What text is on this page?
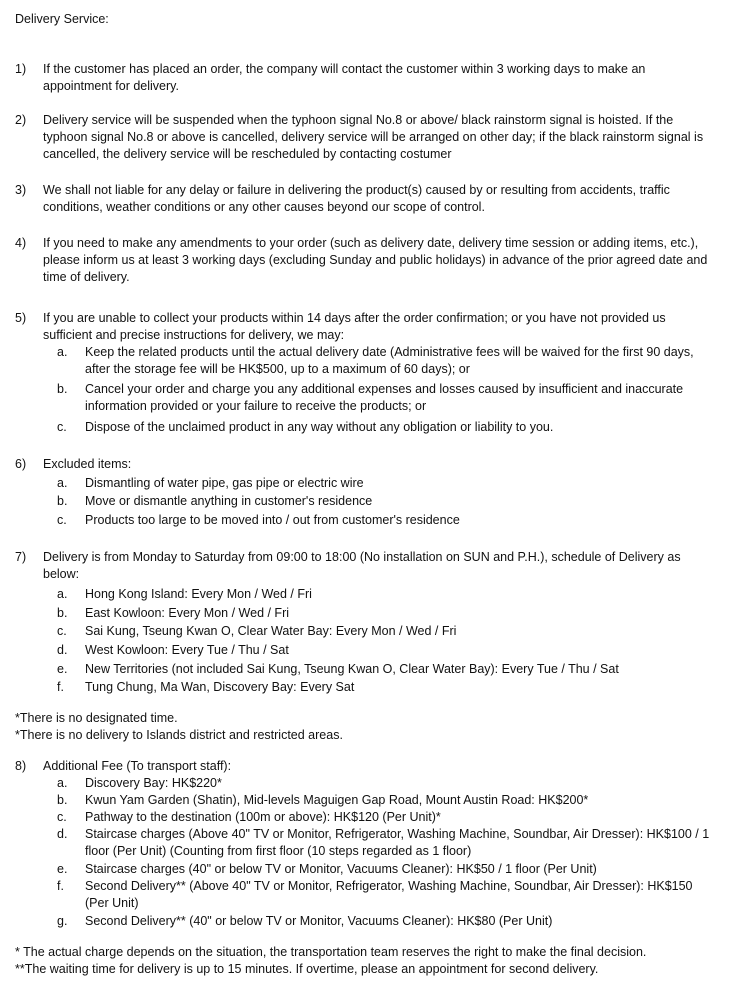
Delivery Service:
1) If the customer has placed an order, the company will contact the customer within 3 working days to make an appointment for delivery.
2) Delivery service will be suspended when the typhoon signal No.8 or above/ black rainstorm signal is hoisted. If the typhoon signal No.8 or above is cancelled, delivery service will be arranged on other day; if the black rainstorm signal is cancelled, the delivery service will be rescheduled by contacting costumer
3) We shall not liable for any delay or failure in delivering the product(s) caused by or resulting from accidents, traffic conditions, weather conditions or any other causes beyond our scope of control.
4) If you need to make any amendments to your order (such as delivery date, delivery time session or adding items, etc.), please inform us at least 3 working days (excluding Sunday and public holidays) in advance of the prior agreed date and time of delivery.
5) If you are unable to collect your products within 14 days after the order confirmation; or you have not provided us sufficient and precise instructions for delivery, we may:
a.	Keep the related products until the actual delivery date (Administrative fees will be waived for the first 90 days, after the storage fee will be HK$500, up to a maximum of 60 days); or
b.	Cancel your order and charge you any additional expenses and losses caused by insufficient and inaccurate information provided or your failure to receive the products; or
c.	Dispose of the unclaimed product in any way without any obligation or liability to you.
6) Excluded items:
a.	Dismantling of water pipe, gas pipe or electric wire
b.	Move or dismantle anything in customer's residence
c.	Products too large to be moved into / out from customer's residence
7) Delivery is from Monday to Saturday from 09:00 to 18:00 (No installation on SUN and P.H.), schedule of Delivery as below:
a.	Hong Kong Island: Every Mon / Wed / Fri
b.	East Kowloon: Every Mon / Wed / Fri
c.	Sai Kung, Tseung Kwan O, Clear Water Bay: Every Mon / Wed / Fri
d.	West Kowloon: Every Tue / Thu / Sat
e.	New Territories (not included Sai Kung, Tseung Kwan O, Clear Water Bay): Every Tue / Thu / Sat
f.	Tung Chung, Ma Wan, Discovery Bay: Every Sat
*There is no designated time.
*There is no delivery to Islands district and restricted areas.
8) Additional Fee (To transport staff):
a.	Discovery Bay: HK$220*
b.	Kwun Yam Garden (Shatin), Mid-levels Maguigen Gap Road, Mount Austin Road: HK$200*
c.	Pathway to the destination (100m or above): HK$120 (Per Unit)*
d.	Staircase charges (Above 40" TV or Monitor, Refrigerator, Washing Machine, Soundbar, Air Dresser): HK$100 / 1 floor (Per Unit) (Counting from first floor (10 steps regarded as 1 floor)
e.	Staircase charges (40" or below TV or Monitor, Vacuums Cleaner): HK$50 / 1 floor (Per Unit)
f.	Second Delivery** (Above 40" TV or Monitor, Refrigerator, Washing Machine, Soundbar, Air Dresser): HK$150 (Per Unit)
g.	Second Delivery** (40" or below TV or Monitor, Vacuums Cleaner): HK$80 (Per Unit)
* The actual charge depends on the situation, the transportation team reserves the right to make the final decision.
**The waiting time for delivery is up to 15 minutes. If overtime, please an appointment for second delivery.
